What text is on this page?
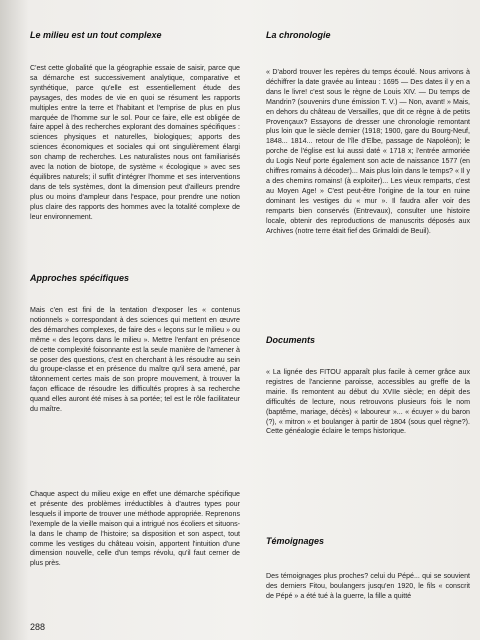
Le milieu est un tout complexe

C'est cette globalité que la géographie essaie de saisir, parce que sa démarche est successivement analytique, comparative et synthétique, parce qu'elle est essentiellement étude des paysages, des modes de vie en quoi se résument les rapports multiples entre la terre et l'habitant et l'emprise de plus en plus marquée de l'homme sur le sol. Pour ce faire, elle est obligée de faire appel à des recherches explorant des domaines spécifiques : sciences physiques et naturelles, biologiques; apports des sciences économiques et sociales qui ont singulièrement élargi son champ de recherches. Les naturalistes nous ont familiarisés avec la notion de biotope, de système « écologique » avec ses équilibres naturels; il suffit d'intégrer l'homme et ses interventions dans de tels systèmes, dont la dimension peut d'ailleurs prendre plus ou moins d'ampleur dans l'espace, pour prendre une notion plus claire des rapports des hommes avec la totalité complexe de leur environnement.

Approches spécifiques

Mais c'en est fini de la tentation d'exposer les « contenus notionnels » correspondant à des sciences qui mettent en œuvre des démarches complexes, de faire des « leçons sur le milieu » ou même « des leçons dans le milieu ». Mettre l'enfant en présence de cette complexité foisonnante est la seule manière de l'amener à se poser des questions, c'est en cherchant à les résoudre au sein du groupe-classe et en présence du maître qu'il sera amené, par tâtonnement certes mais de son propre mouvement, à trouver la façon efficace de résoudre les difficultés propres à sa recherche quand elles auront été mises à sa portée; tel est le rôle facilitateur du maître.

Chaque aspect du milieu exige en effet une démarche spécifique et présente des problèmes irréductibles à d'autres types pour lesquels il importe de trouver une méthode appropriée. Reprenons l'exemple de la vieille maison qui a intrigué nos écoliers et situons-la dans le champ de l'histoire; sa disposition et son aspect, tout comme les vestiges du château voisin, apportent l'intuition d'une dimension nouvelle, celle d'un temps révolu, qu'il faut cerner de plus près.

La chronologie

« D'abord trouver les repères du temps écoulé. Nous arrivons à déchiffrer la date gravée au linteau : 1695 — Des dates il y en a dans le livre! c'est sous le règne de Louis XIV. — Du temps de Mandrin? (souvenirs d'une émission T. V.) — Non, avant! » Mais, en dehors du château de Versailles, que dit ce règne à de petits Provençaux? Essayons de dresser une chronologie remontant plus loin que le siècle dernier (1918; 1900, gare du Bourg-Neuf, 1848... 1814... retour de l'île d'Elbe, passage de Napoléon); le porche de l'église est lui aussi daté « 1718 x; l'entrée armoriée du Logis Neuf porte également son acte de naissance 1577 (en chiffres romains à décoder)... Mais plus loin dans le temps? « Il y a des chemins romains! (à exploiter)... Les vieux remparts, c'est au Moyen Age! » C'est peut-être l'origine de la tour en ruine dominant les vestiges du « mur ». Il faudra aller voir des remparts bien conservés (Entrevaux), consulter une histoire locale, obtenir des reproductions de manuscrits déposés aux Archives (notre terre était fief des Grimaldi de Beuil).

Documents

« La lignée des FITOU apparaît plus facile à cerner grâce aux registres de l'ancienne paroisse, accessibles au greffe de la mairie. Ils remontent au début du XVIIe siècle; en dépit des difficultés de lecture, nous retrouvons plusieurs fois le nom (baptême, mariage, décès) « laboureur »... « écuyer » du baron (?), « mitron » et boulanger à partir de 1804 (sous quel règne?). Cette généalogie éclaire le temps historique.

Témoignages

Des témoignages plus proches? celui du Pépé... qui se souvient des derniers Fitou, boulangers jusqu'en 1920, le fils « conscrit de Pépé » a été tué à la guerre, la fille a quitté

288
